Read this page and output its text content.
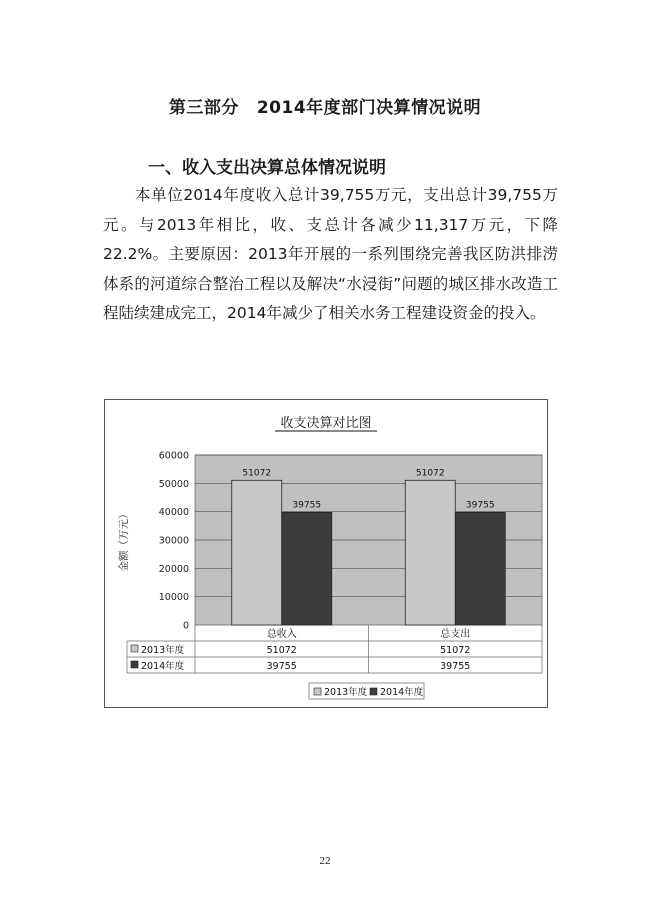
第三部分 2014年度部门决算情况说明
一、收入支出决算总体情况说明

本单位2014年度收入总计39,755万元，支出总计39,755万元。与2013年相比，收、支总计各减少11,317万元，下降22.2%。主要原因：2013年开展的一系列围绕完善我区防洪排涝体系的河道综合整治工程以及解决“水浸街”问题的城区排水改造工程陆续建成完工，2014年减少了相关水务工程建设资金的投入。

收支决算对比图
0
10000
20000
30000
40000
50000
60000
金额（万元）
51072
39755
51072
39755
总收入	总支出
2013年度	51072	51072
2014年度	39755	39755
2013年度 2014年度
22
